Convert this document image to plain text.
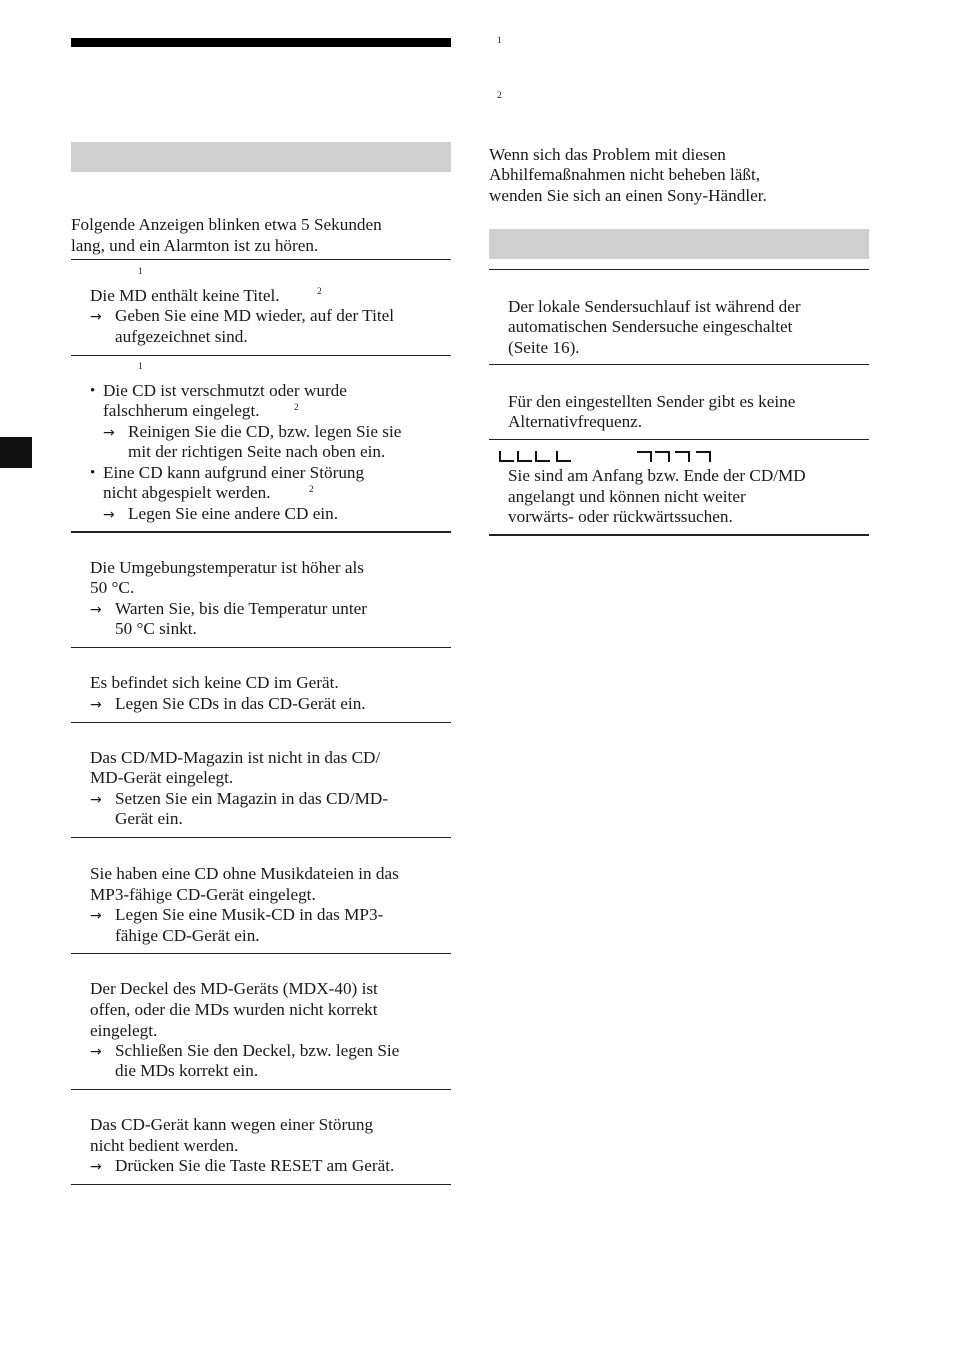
Folgende Anzeigen blinken etwa 5 Sekunden
lang, und ein Alarmton ist zu hören.
1
Die MD enthält keine Titel.	2
→ Geben Sie eine MD wieder, auf der Titel
aufgezeichnet sind.
1
• Die CD ist verschmutzt oder wurde
falschherum eingelegt.	2
→ Reinigen Sie die CD, bzw. legen Sie sie
mit der richtigen Seite nach oben ein.
• Eine CD kann aufgrund einer Störung
nicht abgespielt werden.	2
→ Legen Sie eine andere CD ein.
Die Umgebungstemperatur ist höher als
50 °C.
→ Warten Sie, bis die Temperatur unter
50 °C sinkt.
Es befindet sich keine CD im Gerät.
→ Legen Sie CDs in das CD-Gerät ein.
Das CD/MD-Magazin ist nicht in das CD/
MD-Gerät eingelegt.
→ Setzen Sie ein Magazin in das CD/MD-
Gerät ein.
Sie haben eine CD ohne Musikdateien in das
MP3-fähige CD-Gerät eingelegt.
→ Legen Sie eine Musik-CD in das MP3-
fähige CD-Gerät ein.
Der Deckel des MD-Geräts (MDX-40) ist
offen, oder die MDs wurden nicht korrekt
eingelegt.
→ Schließen Sie den Deckel, bzw. legen Sie
die MDs korrekt ein.
Das CD-Gerät kann wegen einer Störung
nicht bedient werden.
→ Drücken Sie die Taste RESET am Gerät.
1
2
Wenn sich das Problem mit diesen
Abhilfemaßnahmen nicht beheben läßt,
wenden Sie sich an einen Sony-Händler.
Der lokale Sendersuchlauf ist während der
automatischen Sendersuche eingeschaltet
(Seite 16).
Für den eingestellten Sender gibt es keine
Alternativfrequenz.
Sie sind am Anfang bzw. Ende der CD/MD
angelangt und können nicht weiter
vorwärts- oder rückwärtssuchen.
